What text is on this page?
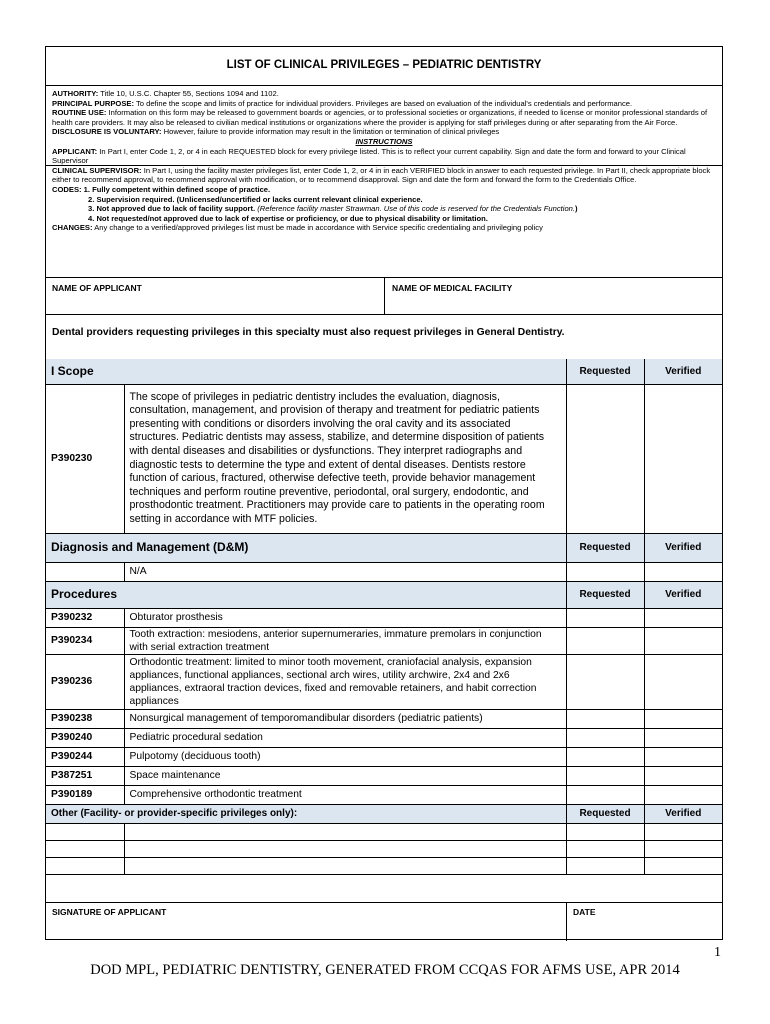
LIST OF CLINICAL PRIVILEGES – PEDIATRIC DENTISTRY

AUTHORITY: Title 10, U.S.C. Chapter 55, Sections 1094 and 1102.

PRINCIPAL PURPOSE: To define the scope and limits of practice for individual providers. Privileges are based on evaluation of the individual's credentials and performance.

ROUTINE USE: Information on this form may be released to government boards or agencies, or to professional societies or organizations, if needed to license or monitor professional standards of health care providers. It may also be released to civilian medical institutions or organizations where the provider is applying for staff privileges during or after separating from the Air Force.

DISCLOSURE IS VOLUNTARY: However, failure to provide information may result in the limitation or termination of clinical privileges

INSTRUCTIONS

APPLICANT: In Part I, enter Code 1, 2, or 4 in each REQUESTED block for every privilege listed. This is to reflect your current capability. Sign and date the form and forward to your Clinical Supervisor

CLINICAL SUPERVISOR: In Part I, using the facility master privileges list, enter Code 1, 2, or 4 in in each VERIFIED block in answer to each requested privilege. In Part II, check appropriate block either to recommend approval, to recommend approval with modification, or to recommend disapproval. Sign and date the form and forward the form to the Credentials Office.

CODES: 1. Fully competent within defined scope of practice.

2. Supervision required. (Unlicensed/uncertified or lacks current relevant clinical experience.

3. Not approved due to lack of facility support. (Reference facility master Strawman. Use of this code is reserved for the Credentials Function.)

4. Not requested/not approved due to lack of expertise or proficiency, or due to physical disability or limitation.

CHANGES: Any change to a verified/approved privileges list must be made in accordance with Service specific credentialing and privileging policy

NAME OF APPLICANT	NAME OF MEDICAL FACILITY
Dental providers requesting privileges in this specialty must also request privileges in General Dentistry.
I Scope		Requested	Verified
P390230	The scope of privileges in pediatric dentistry includes the evaluation, diagnosis, consultation, management, and provision of therapy and treatment for pediatric patients presenting with conditions or disorders involving the oral cavity and its associated structures. Pediatric dentists may assess, stabilize, and determine disposition of patients with dental diseases and disabilities or dysfunctions. They interpret radiographs and diagnostic tests to determine the type and extent of dental diseases. Dentists restore function of carious, fractured, otherwise defective teeth, provide behavior management techniques and perform routine preventive, periodontal, oral surgery, endodontic, and prosthodontic treatment. Practitioners may provide care to patients in the operating room setting in accordance with MTF policies.		
Diagnosis and Management (D&M)		Requested	Verified
	N/A		
Procedures		Requested	Verified
P390232	Obturator prosthesis		
P390234	Tooth extraction: mesiodens, anterior supernumeraries, immature premolars in conjunction with serial extraction treatment		
P390236	Orthodontic treatment: limited to minor tooth movement, craniofacial analysis, expansion appliances, functional appliances, sectional arch wires, utility archwire, 2x4 and 2x6 appliances, extraoral traction devices, fixed and removable retainers, and habit correction appliances		
P390238	Nonsurgical management of temporomandibular disorders (pediatric patients)		
P390240	Pediatric procedural sedation		
P390244	Pulpotomy (deciduous tooth)		
P387251	Space maintenance		
P390189	Comprehensive orthodontic treatment		
Other (Facility- or provider-specific privileges only):		Requested	Verified

SIGNATURE OF APPLICANT	DATE
1
DOD MPL, PEDIATRIC DENTISTRY, GENERATED FROM CCQAS FOR AFMS USE, APR 2014
